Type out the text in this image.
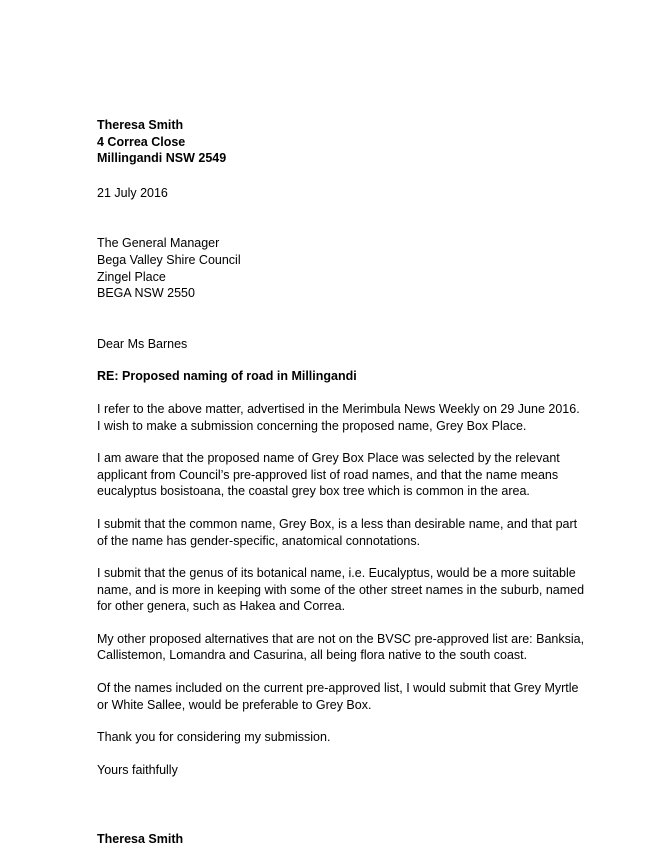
Theresa Smith
4 Correa Close
Millingandi NSW 2549
21 July 2016
The General Manager
Bega Valley Shire Council
Zingel Place
BEGA NSW 2550
Dear Ms Barnes
RE: Proposed naming of road in Millingandi
I refer to the above matter, advertised in the Merimbula News Weekly on 29 June 2016.
I wish to make a submission concerning the proposed name, Grey Box Place.
I am aware that the proposed name of Grey Box Place was selected by the relevant
applicant from Council’s pre-approved list of road names, and that the name means
eucalyptus bosistoana, the coastal grey box tree which is common in the area.
I submit that the common name, Grey Box, is a less than desirable name, and that part
of the name has gender-specific, anatomical connotations.
I submit that the genus of its botanical name, i.e. Eucalyptus, would be a more suitable
name, and is more in keeping with some of the other street names in the suburb, named
for other genera, such as Hakea and Correa.
My other proposed alternatives that are not on the BVSC pre-approved list are: Banksia,
Callistemon, Lomandra and Casurina, all being flora native to the south coast.
Of the names included on the current pre-approved list, I would submit that Grey Myrtle
or White Sallee, would be preferable to Grey Box.
Thank you for considering my submission.
Yours faithfully
Theresa Smith
